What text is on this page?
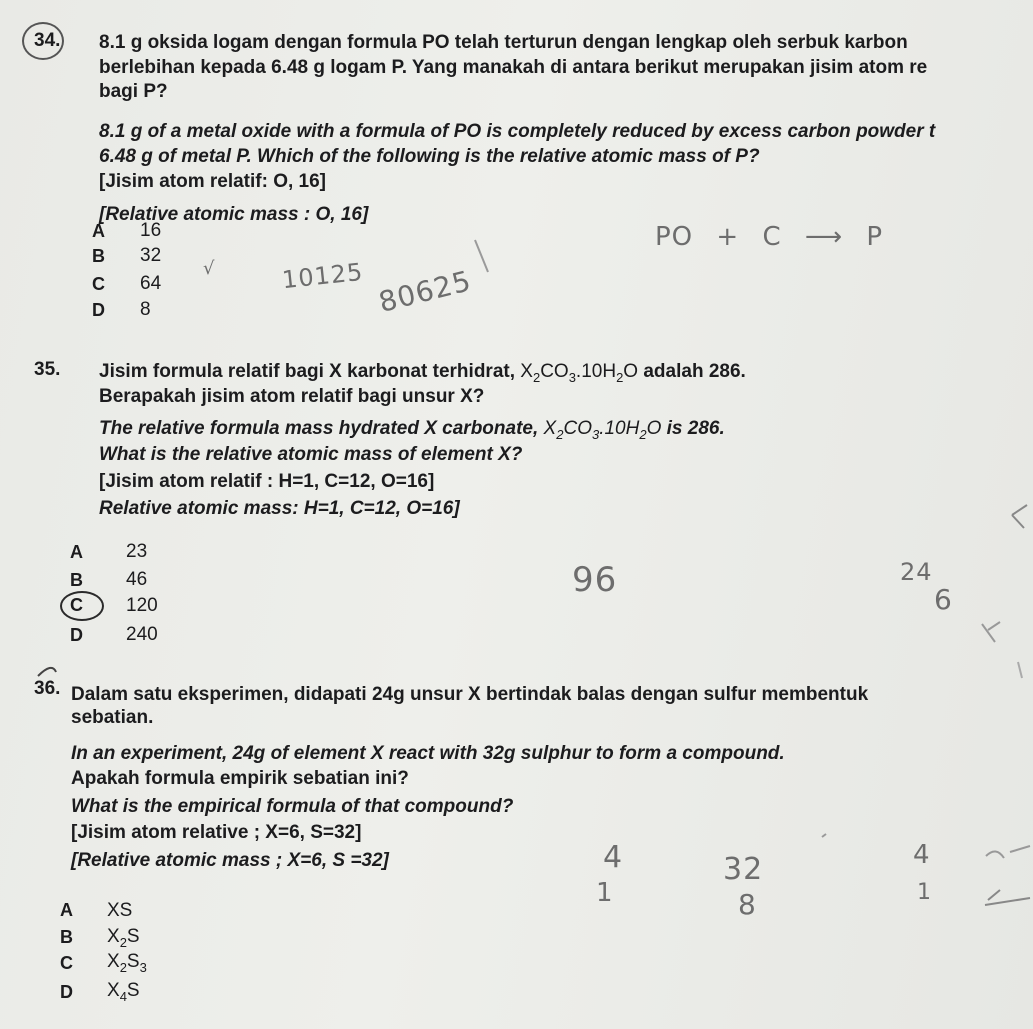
34. 8.1 g oksida logam dengan formula PO telah terturun dengan lengkap oleh serbuk karbon
berlebihan kepada 6.48 g logam P. Yang manakah di antara berikut merupakan jisim atom re
bagi P?
8.1 g of a metal oxide with a formula of PO is completely reduced by excess carbon powder t
6.48 g of metal P. Which of the following is the relative atomic mass of P?
[Jisim atom relatif: O, 16]
[Relative atomic mass : O, 16]
A 16
B 32
C 64
D 8
PO + C ⟶ P
√	10125 80625
35. Jisim formula relatif bagi X karbonat terhidrat, $X_2CO_3.10H_2O$ adalah 286.
Berapakah jisim atom relatif bagi unsur X?
The relative formula mass hydrated X carbonate, $X_2CO_3.10H_2O$ is 286.
What is the relative atomic mass of element X?
[Jisim atom relatif : H=1, C=12, O=16]
Relative atomic mass: H=1, C=12, O=16]
A 23
B 46
C 120
D 240
96	24
6
36. Dalam satu eksperimen, didapati 24g unsur X bertindak balas dengan sulfur membentuk
sebatian.
In an experiment, 24g of element X react with 32g sulphur to form a compound.
Apakah formula empirik sebatian ini?
What is the empirical formula of that compound?
[Jisim atom relative ; X=6, S=32]
[Relative atomic mass ; X=6, S =32]
A XS
B $X_2S$
C $X_2S_3$
D $X_4S$
4
1
32
8
4
1
